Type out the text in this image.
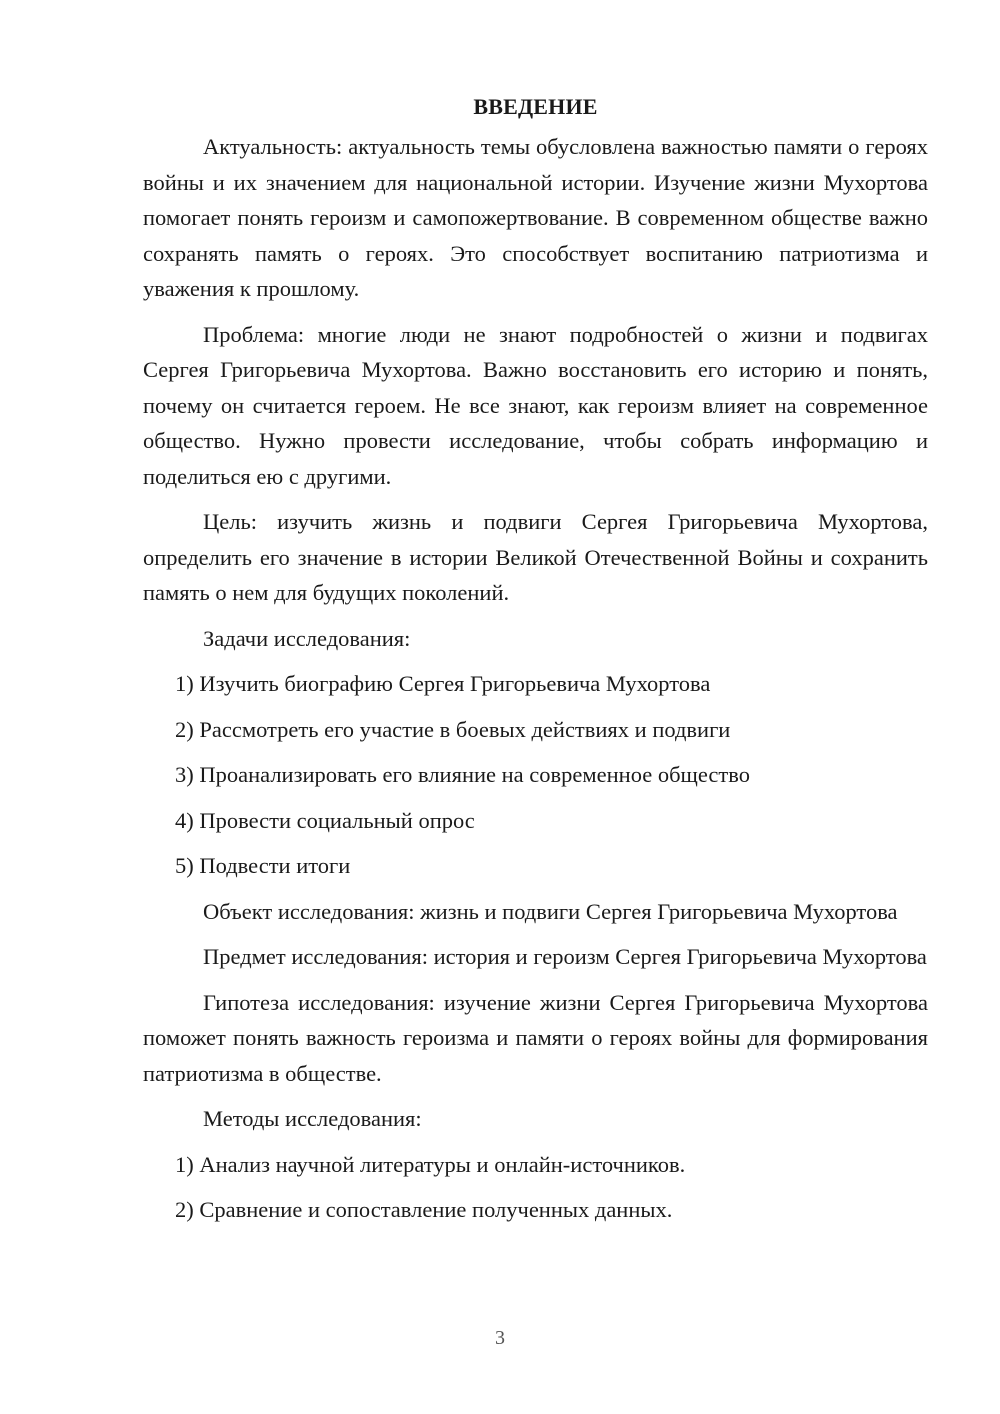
ВВЕДЕНИЕ

Актуальность: актуальность темы обусловлена важностью памяти о героях войны и их значением для национальной истории. Изучение жизни Мухортова помогает понять героизм и самопожертвование. В современном обществе важно сохранять память о героях. Это способствует воспитанию патриотизма и уважения к прошлому.

Проблема: многие люди не знают подробностей о жизни и подвигах Сергея Григорьевича Мухортова. Важно восстановить его историю и понять, почему он считается героем. Не все знают, как героизм влияет на современное общество. Нужно провести исследование, чтобы собрать информацию и поделиться ею с другими.

Цель: изучить жизнь и подвиги Сергея Григорьевича Мухортова, определить его значение в истории Великой Отечественной Войны и сохранить память о нем для будущих поколений.

Задачи исследования:

1) Изучить биографию Сергея Григорьевича Мухортова

2) Рассмотреть его участие в боевых действиях и подвиги

3) Проанализировать его влияние на современное общество

4) Провести социальный опрос

5) Подвести итоги

Объект исследования: жизнь и подвиги Сергея Григорьевича Мухортова

Предмет исследования: история и героизм Сергея Григорьевича Мухортова

Гипотеза исследования: изучение жизни Сергея Григорьевича Мухортова поможет понять важность героизма и памяти о героях войны для формирования патриотизма в обществе.

Методы исследования:

1) Анализ научной литературы и онлайн-источников.

2) Сравнение и сопоставление полученных данных.

3
